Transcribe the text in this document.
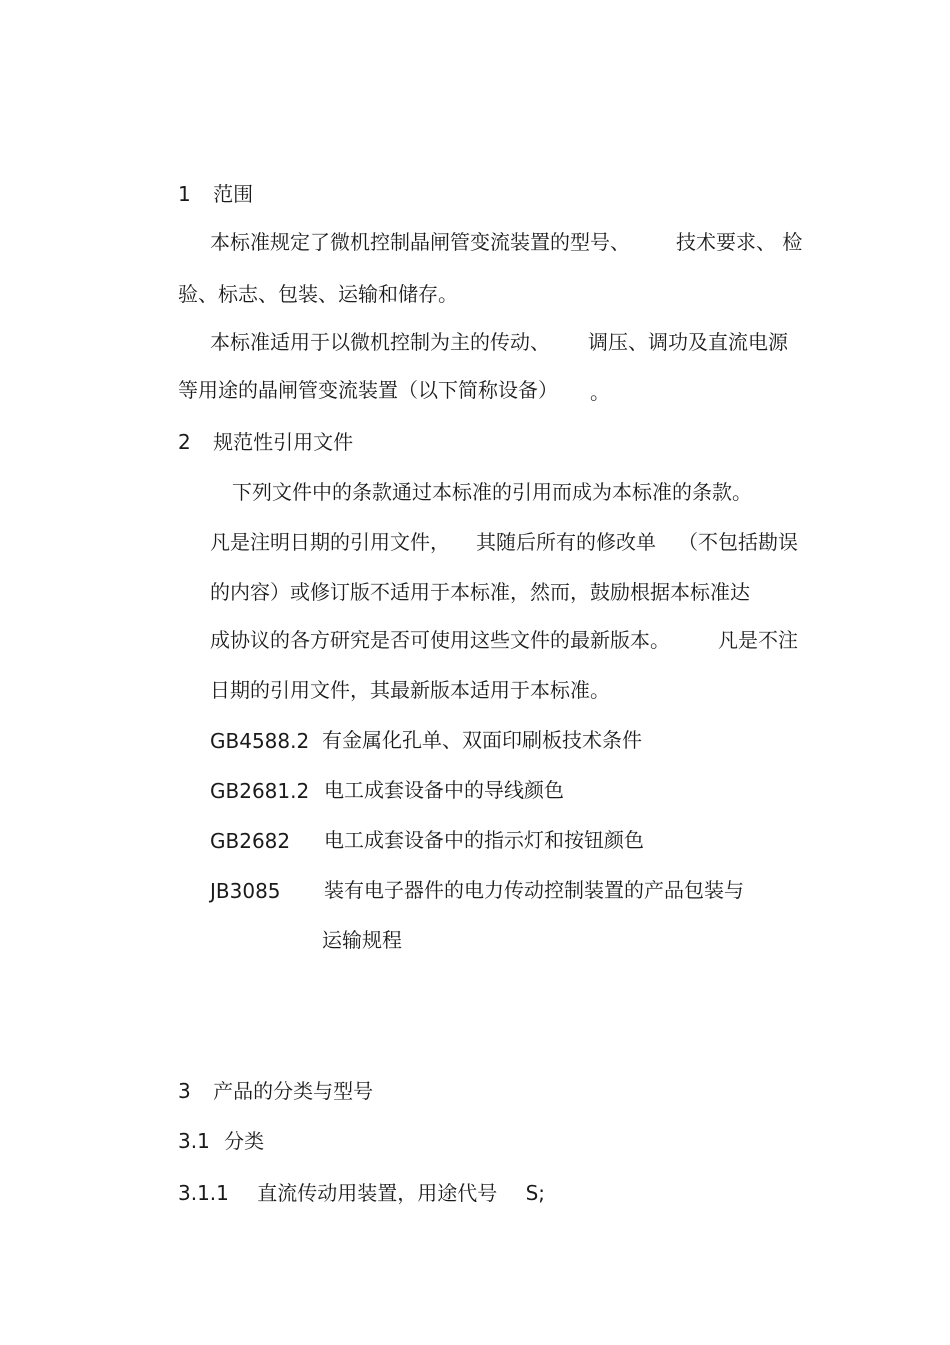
1 范围
本标准规定了微机控制晶闸管变流装置的型号、 技术要求、 检
验、标志、包装、运输和储存。
本标准适用于以微机控制为主的传动、 调压、调功及直流电源
等用途的晶闸管变流装置（以下简称设备） 。
2 规范性引用文件
下列文件中的条款通过本标准的引用而成为本标准的条款。
凡是注明日期的引用文件， 其随后所有的修改单 （不包括勘误
的内容）或修订版不适用于本标准，然而，鼓励根据本标准达
成协议的各方研究是否可使用这些文件的最新版本。 凡是不注
日期的引用文件，其最新版本适用于本标准。
GB4588.2 有金属化孔单、双面印刷板技术条件
GB2681.2 电工成套设备中的导线颜色
GB2682 电工成套设备中的指示灯和按钮颜色
JB3085 装有电子器件的电力传动控制装置的产品包装与
运输规程
3 产品的分类与型号
3.1 分类
3.1.1 直流传动用装置，用途代号 S;
